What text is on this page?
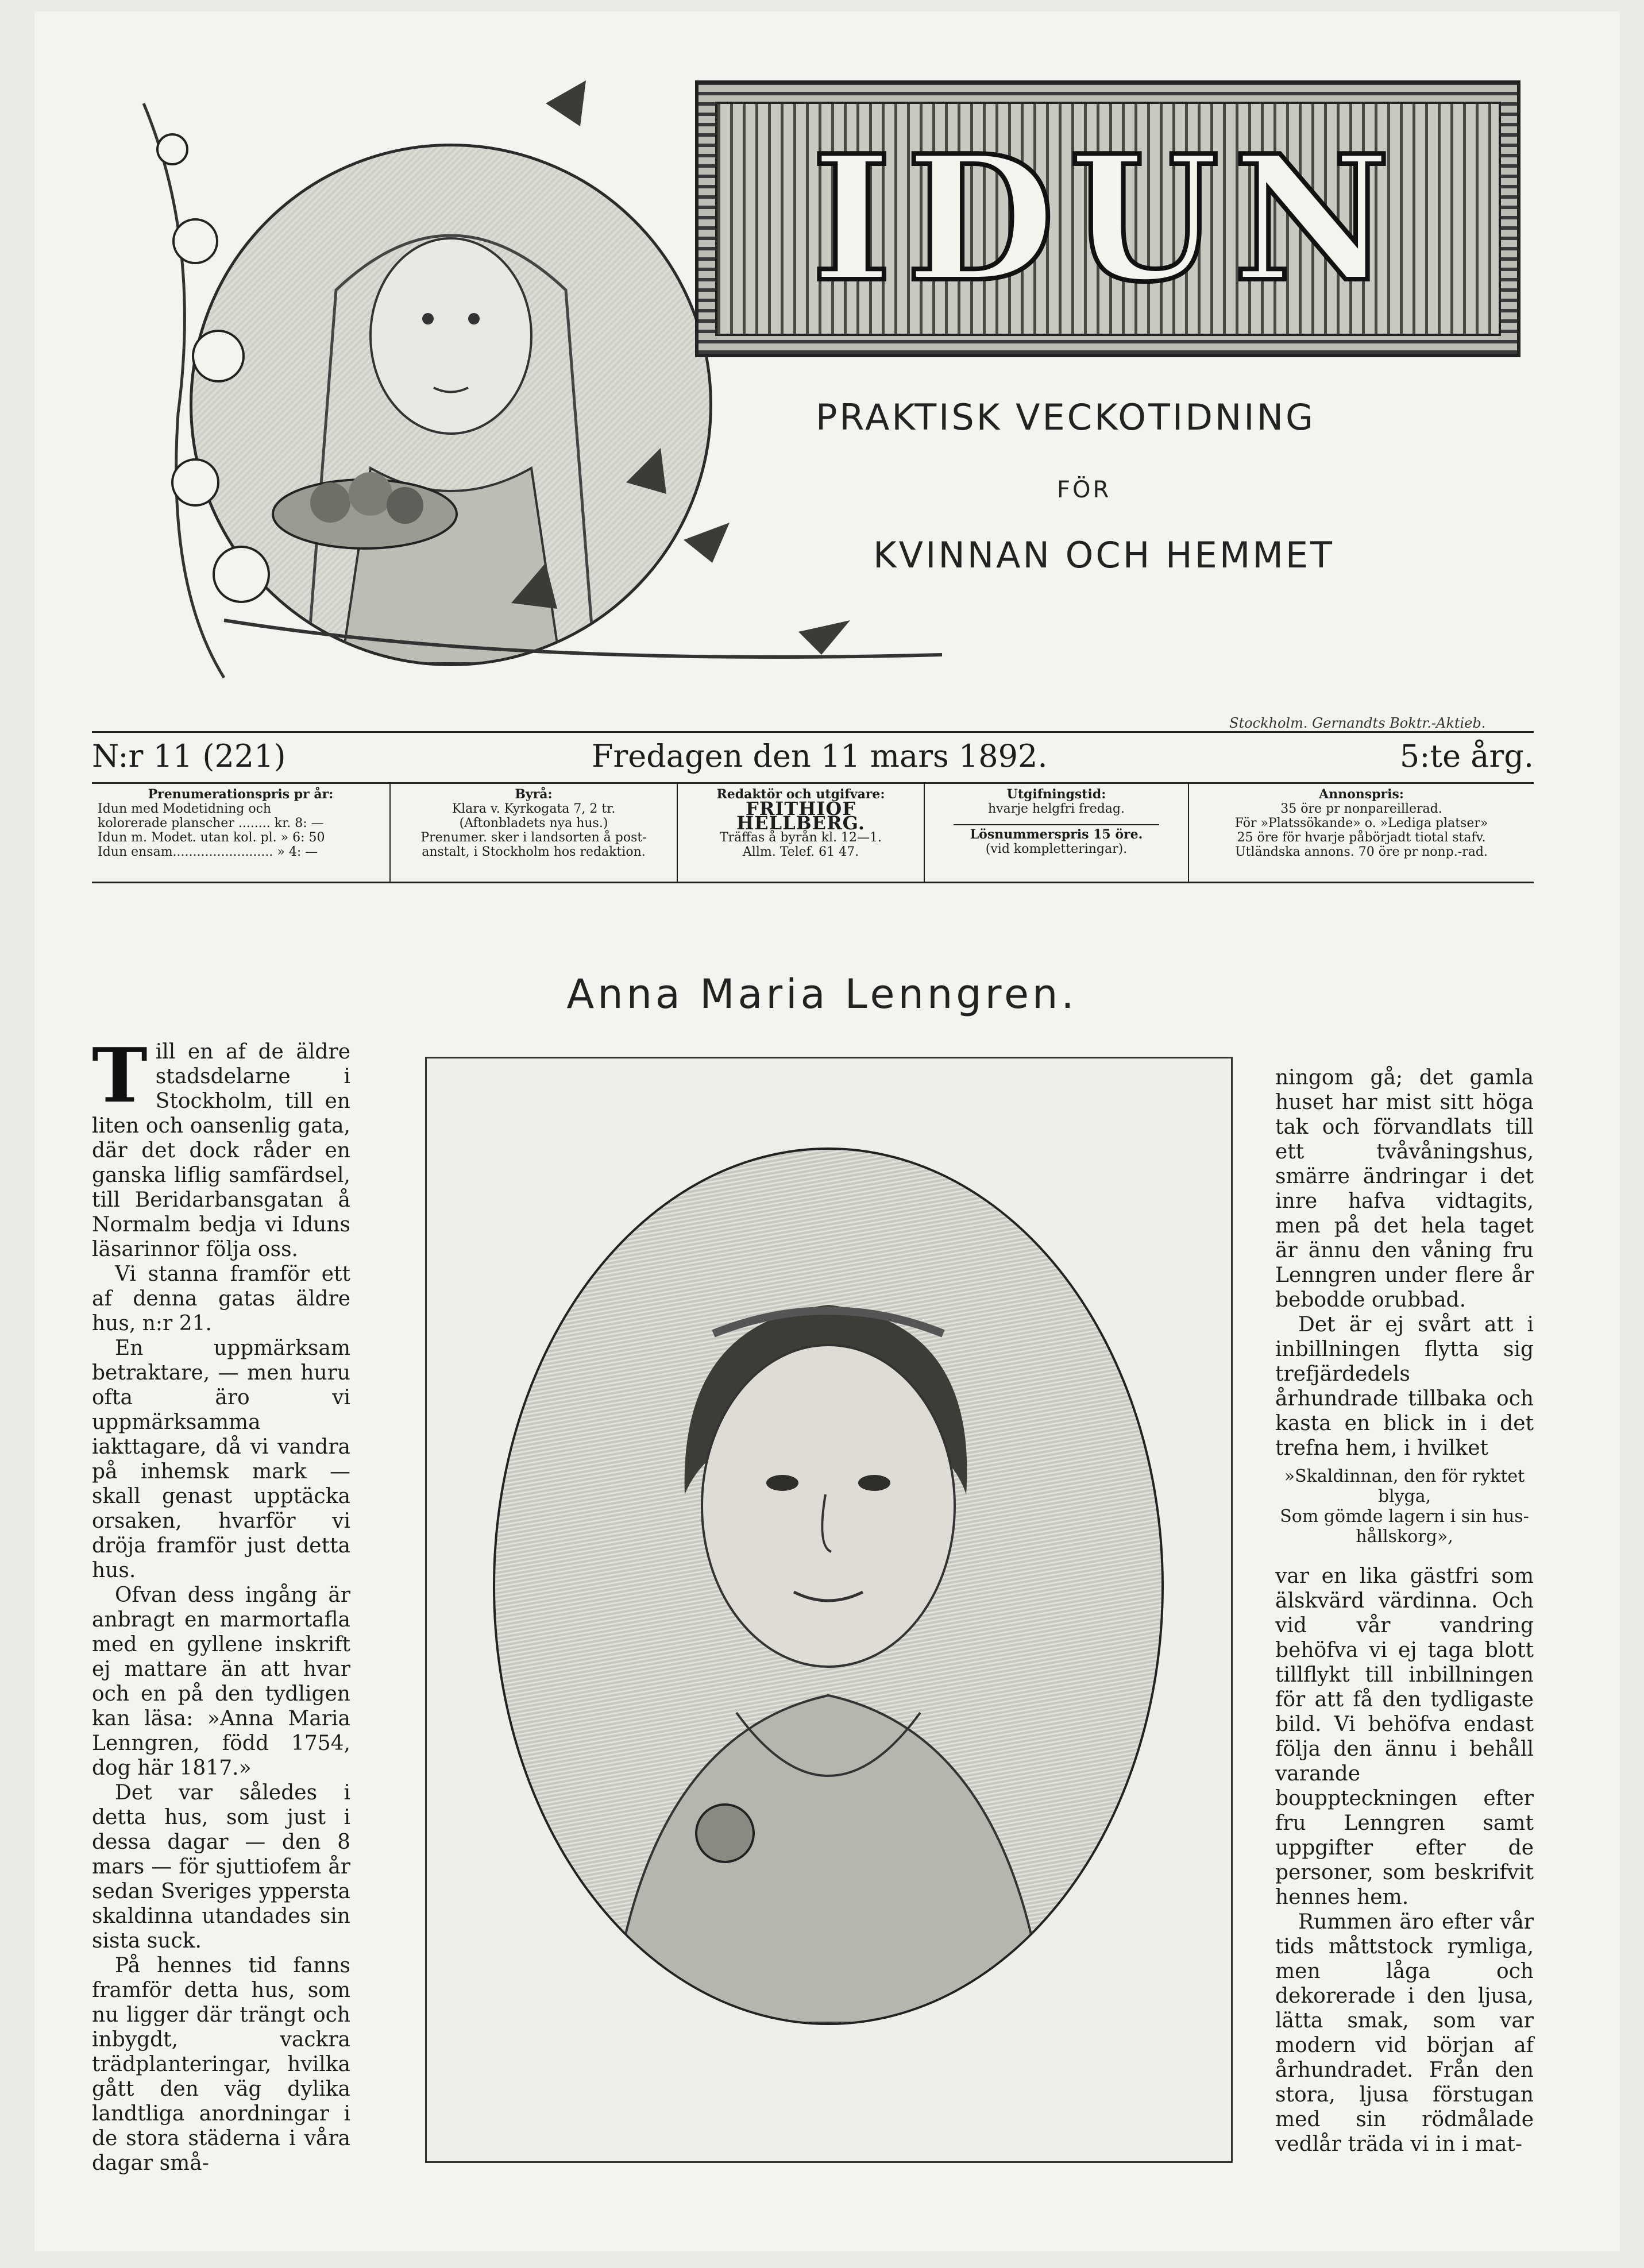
IDUN
PRAKTISK VECKOTIDNING
FÖR
KVINNAN OCH HEMMET
Stockholm. Gernandts Boktr.-Aktieb.
N:r 11 (221)	Fredagen den 11 mars 1892.	5:te årg.
Prenumerationspris pr år:
Idun med Modetidning och
kolorerade planscher ........ kr. 8: —
Idun m. Modet. utan kol. pl. » 6: 50
Idun ensam......................... » 4: —
Byrå:
Klara v. Kyrkogata 7, 2 tr.
(Aftonbladets nya hus.)
Prenumer. sker i landsorten å post-
anstalt, i Stockholm hos redaktion.
Redaktör och utgifvare:
FRITHIOF HELLBERG.
Träffas å byrån kl. 12—1.
Allm. Telef. 61 47.
Utgifningstid:
hvarje helgfri fredag.
Lösnummerspris 15 öre.
(vid kompletteringar).
Annonspris:
35 öre pr nonpareillerad.
För »Platssökande» o. »Lediga platser»
25 öre för hvarje påbörjadt tiotal stafv.
Utländska annons. 70 öre pr nonp.-rad.
Anna Maria Lenngren.

Till en af de äldre stadsdelarne i Stockholm, till en liten och oansenlig gata, där det dock råder en ganska liflig samfärdsel, till Beridarbansgatan å Normalm bedja vi Iduns läsarinnor följa oss.

Vi stanna framför ett af denna gatas äldre hus, n:r 21.

En uppmärksam betraktare, — men huru ofta äro vi uppmärksamma iakttagare, då vi vandra på inhemsk mark — skall genast upptäcka orsaken, hvarför vi dröja framför just detta hus.

Ofvan dess ingång är anbragt en marmortafla med en gyllene inskrift ej mattare än att hvar och en på den tydligen kan läsa: »Anna Maria Lenngren, född 1754, dog här 1817.»

Det var således i detta hus, som just i dessa dagar — den 8 mars — för sjuttiofem år sedan Sveriges yppersta skaldinna utandades sin sista suck.

På hennes tid fanns framför detta hus, som nu ligger där trängt och inbygdt, vackra trädplanteringar, hvilka gått den väg dylika landtliga anordningar i de stora städerna i våra dagar små-

ningom gå; det gamla huset har mist sitt höga tak och förvandlats till ett tvåvåningshus, smärre ändringar i det inre hafva vidtagits, men på det hela taget är ännu den våning fru Lenngren under flere år bebodde orubbad.

Det är ej svårt att i inbillningen flytta sig trefjärdedels århundrade tillbaka och kasta en blick in i det trefna hem, i hvilket

»Skaldinnan, den för ryktet
blyga,
Som gömde lagern i sin hus-
hållskorg»,

var en lika gästfri som älskvärd värdinna. Och vid vår vandring behöfva vi ej taga blott tillflykt till inbillningen för att få den tydligaste bild. Vi behöfva endast följa den ännu i behåll varande bouppteckningen efter fru Lenngren samt uppgifter efter de personer, som beskrifvit hennes hem.

Rummen äro efter vår tids måttstock rymliga, men låga och dekorerade i den ljusa, lätta smak, som var modern vid början af århundradet. Från den stora, ljusa förstugan med sin rödmålade vedlår träda vi in i mat-
